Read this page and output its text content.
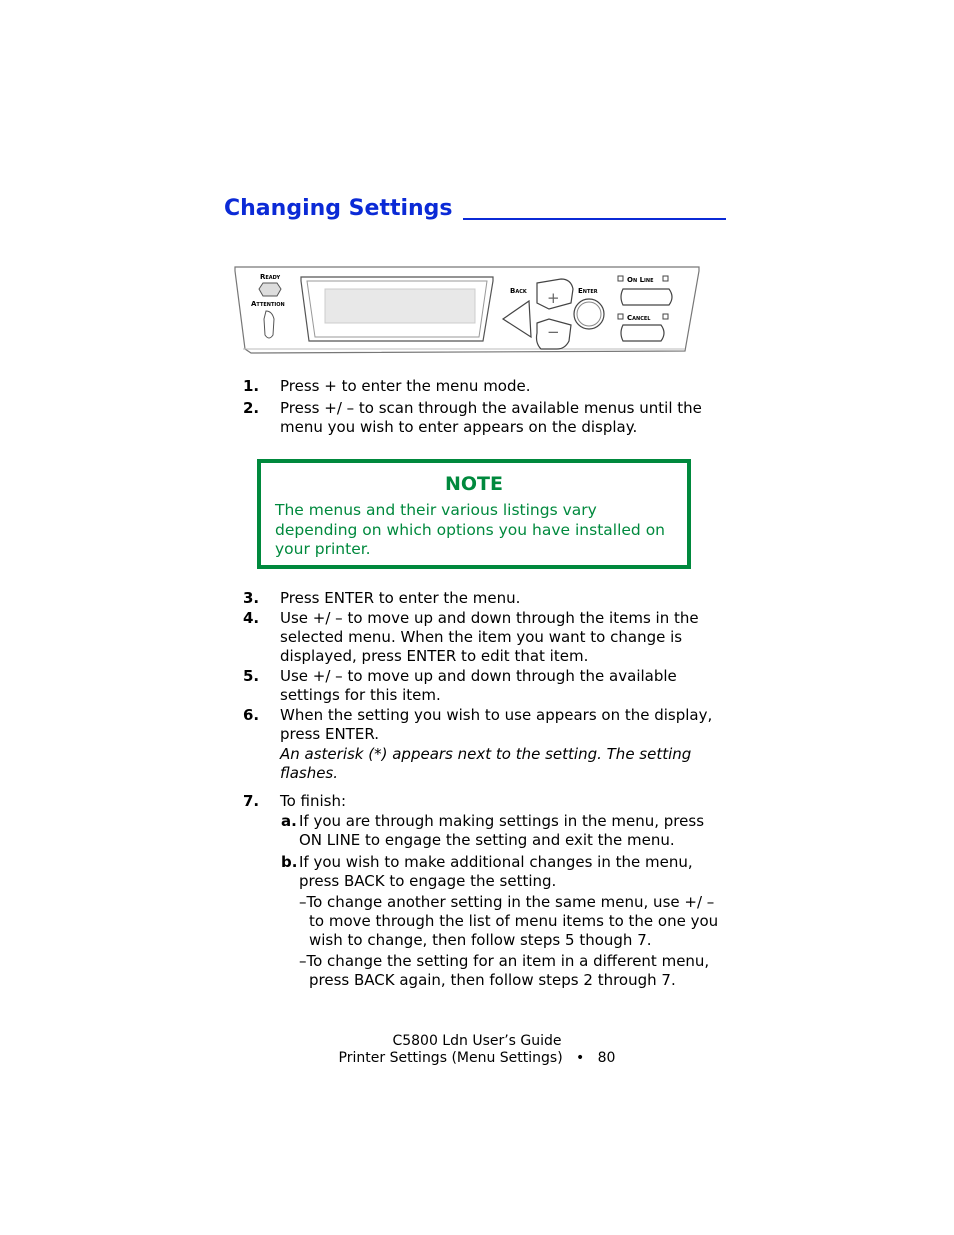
Changing Settings
Ready
Attention
Back +
−
Enter
On Line
Cancel
1. Press + to enter the menu mode.
2. Press +/ – to scan through the available menus until the menu you wish to enter appears on the display.
NOTE
The menus and their various listings vary depending on which options you have installed on your printer.
3. Press ENTER to enter the menu.
4. Use +/ – to move up and down through the items in the selected menu. When the item you want to change is displayed, press ENTER to edit that item.
5. Use +/ – to move up and down through the available settings for this item.
6. When the setting you wish to use appears on the display, press ENTER.
An asterisk (*) appears next to the setting. The setting flashes.
7. To finish:
a. If you are through making settings in the menu, press ON LINE to engage the setting and exit the menu.
b. If you wish to make additional changes in the menu, press BACK to engage the setting.
–To change another setting in the same menu, use +/ – to move through the list of menu items to the one you wish to change, then follow steps 5 though 7.
–To change the setting for an item in a different menu, press BACK again, then follow steps 2 through 7.
C5800 Ldn User’s Guide
Printer Settings (Menu Settings)   •   80
